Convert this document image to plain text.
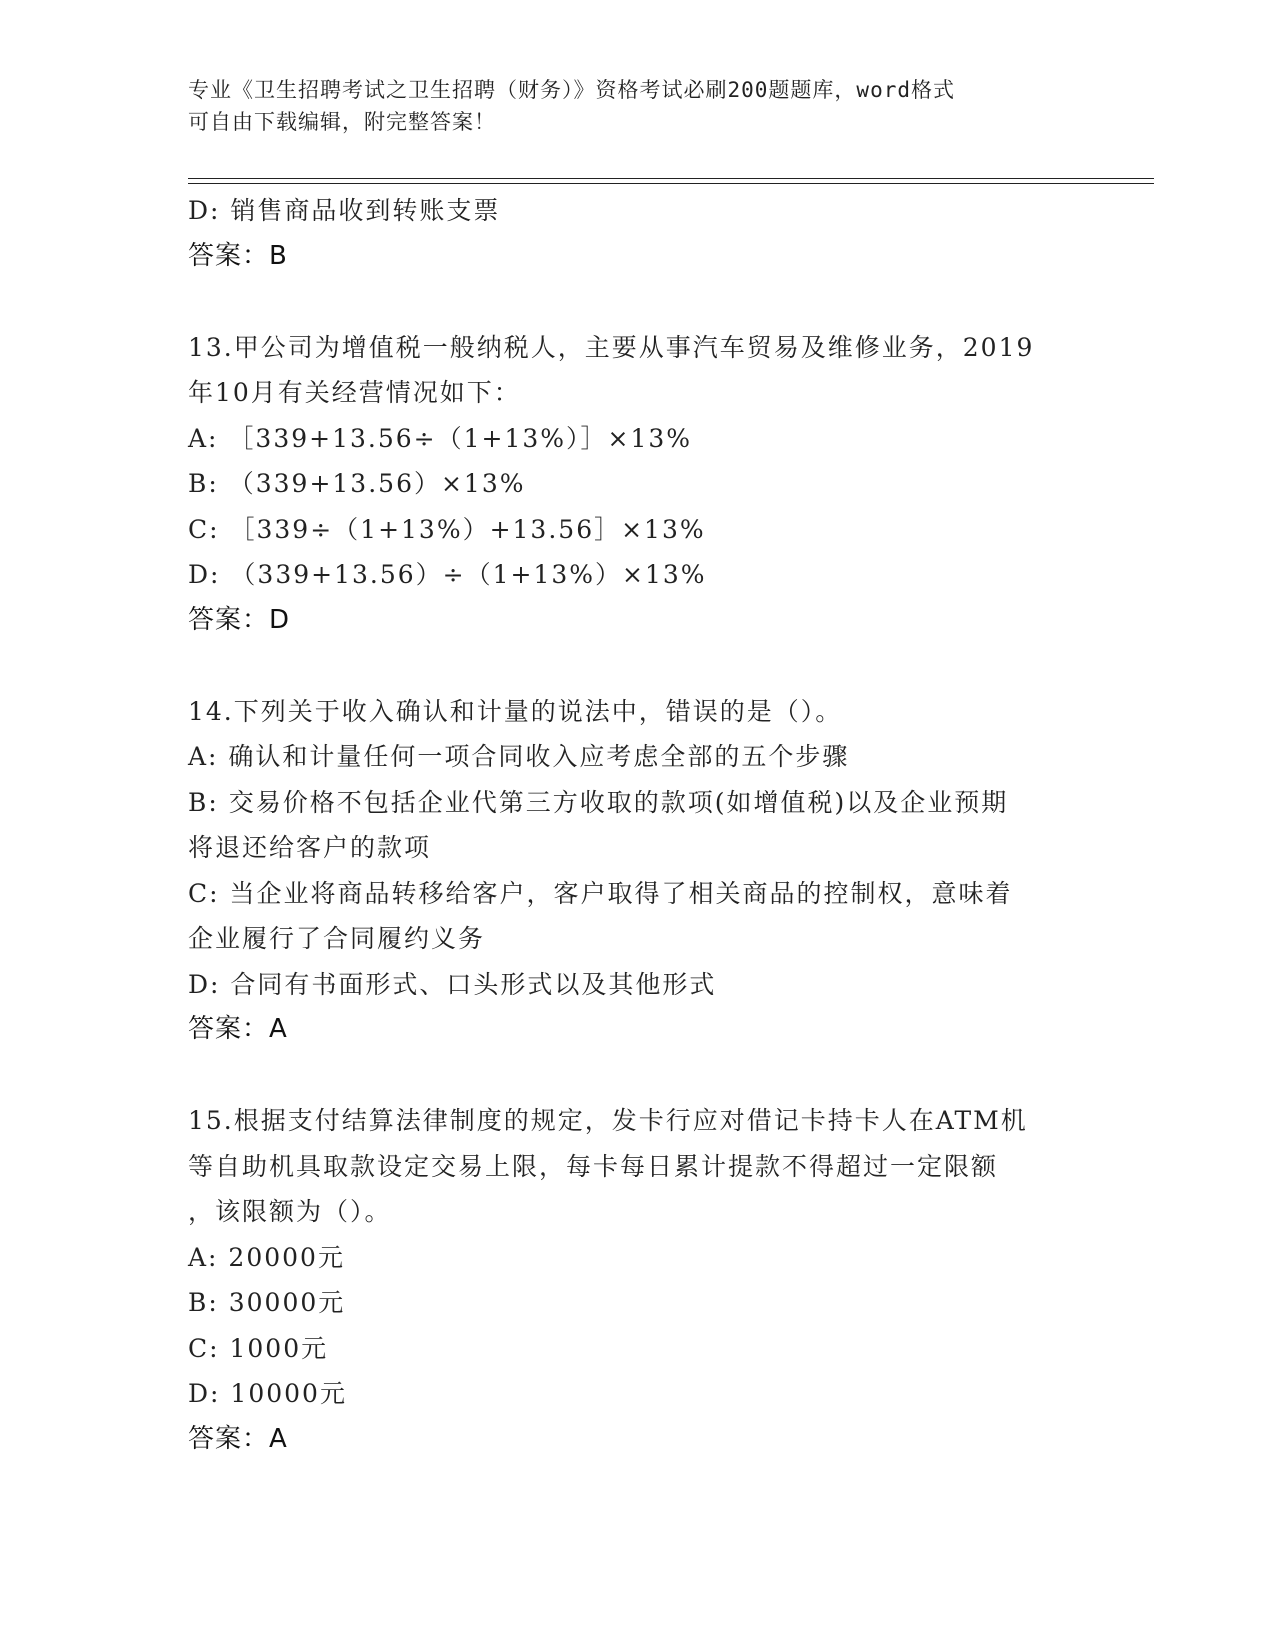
专业《卫生招聘考试之卫生招聘（财务）》资格考试必刷200题题库，word格式
可自由下载编辑，附完整答案！
D: 销售商品收到转账支票
答案：B
13.甲公司为增值税一般纳税人，主要从事汽车贸易及维修业务，2019
年10月有关经营情况如下：
A: ［339+13.56÷（1+13%）］×13%
B: （339+13.56）×13%
C: ［339÷（1+13%）+13.56］×13%
D: （339+13.56）÷（1+13%）×13%
答案：D
14.下列关于收入确认和计量的说法中，错误的是（）。
A: 确认和计量任何一项合同收入应考虑全部的五个步骤
B: 交易价格不包括企业代第三方收取的款项(如增值税)以及企业预期
将退还给客户的款项
C: 当企业将商品转移给客户，客户取得了相关商品的控制权，意味着
企业履行了合同履约义务
D: 合同有书面形式、口头形式以及其他形式
答案：A
15.根据支付结算法律制度的规定，发卡行应对借记卡持卡人在ATM机
等自助机具取款设定交易上限，每卡每日累计提款不得超过一定限额
，该限额为（）。
A: 20000元
B: 30000元
C: 1000元
D: 10000元
答案：A
